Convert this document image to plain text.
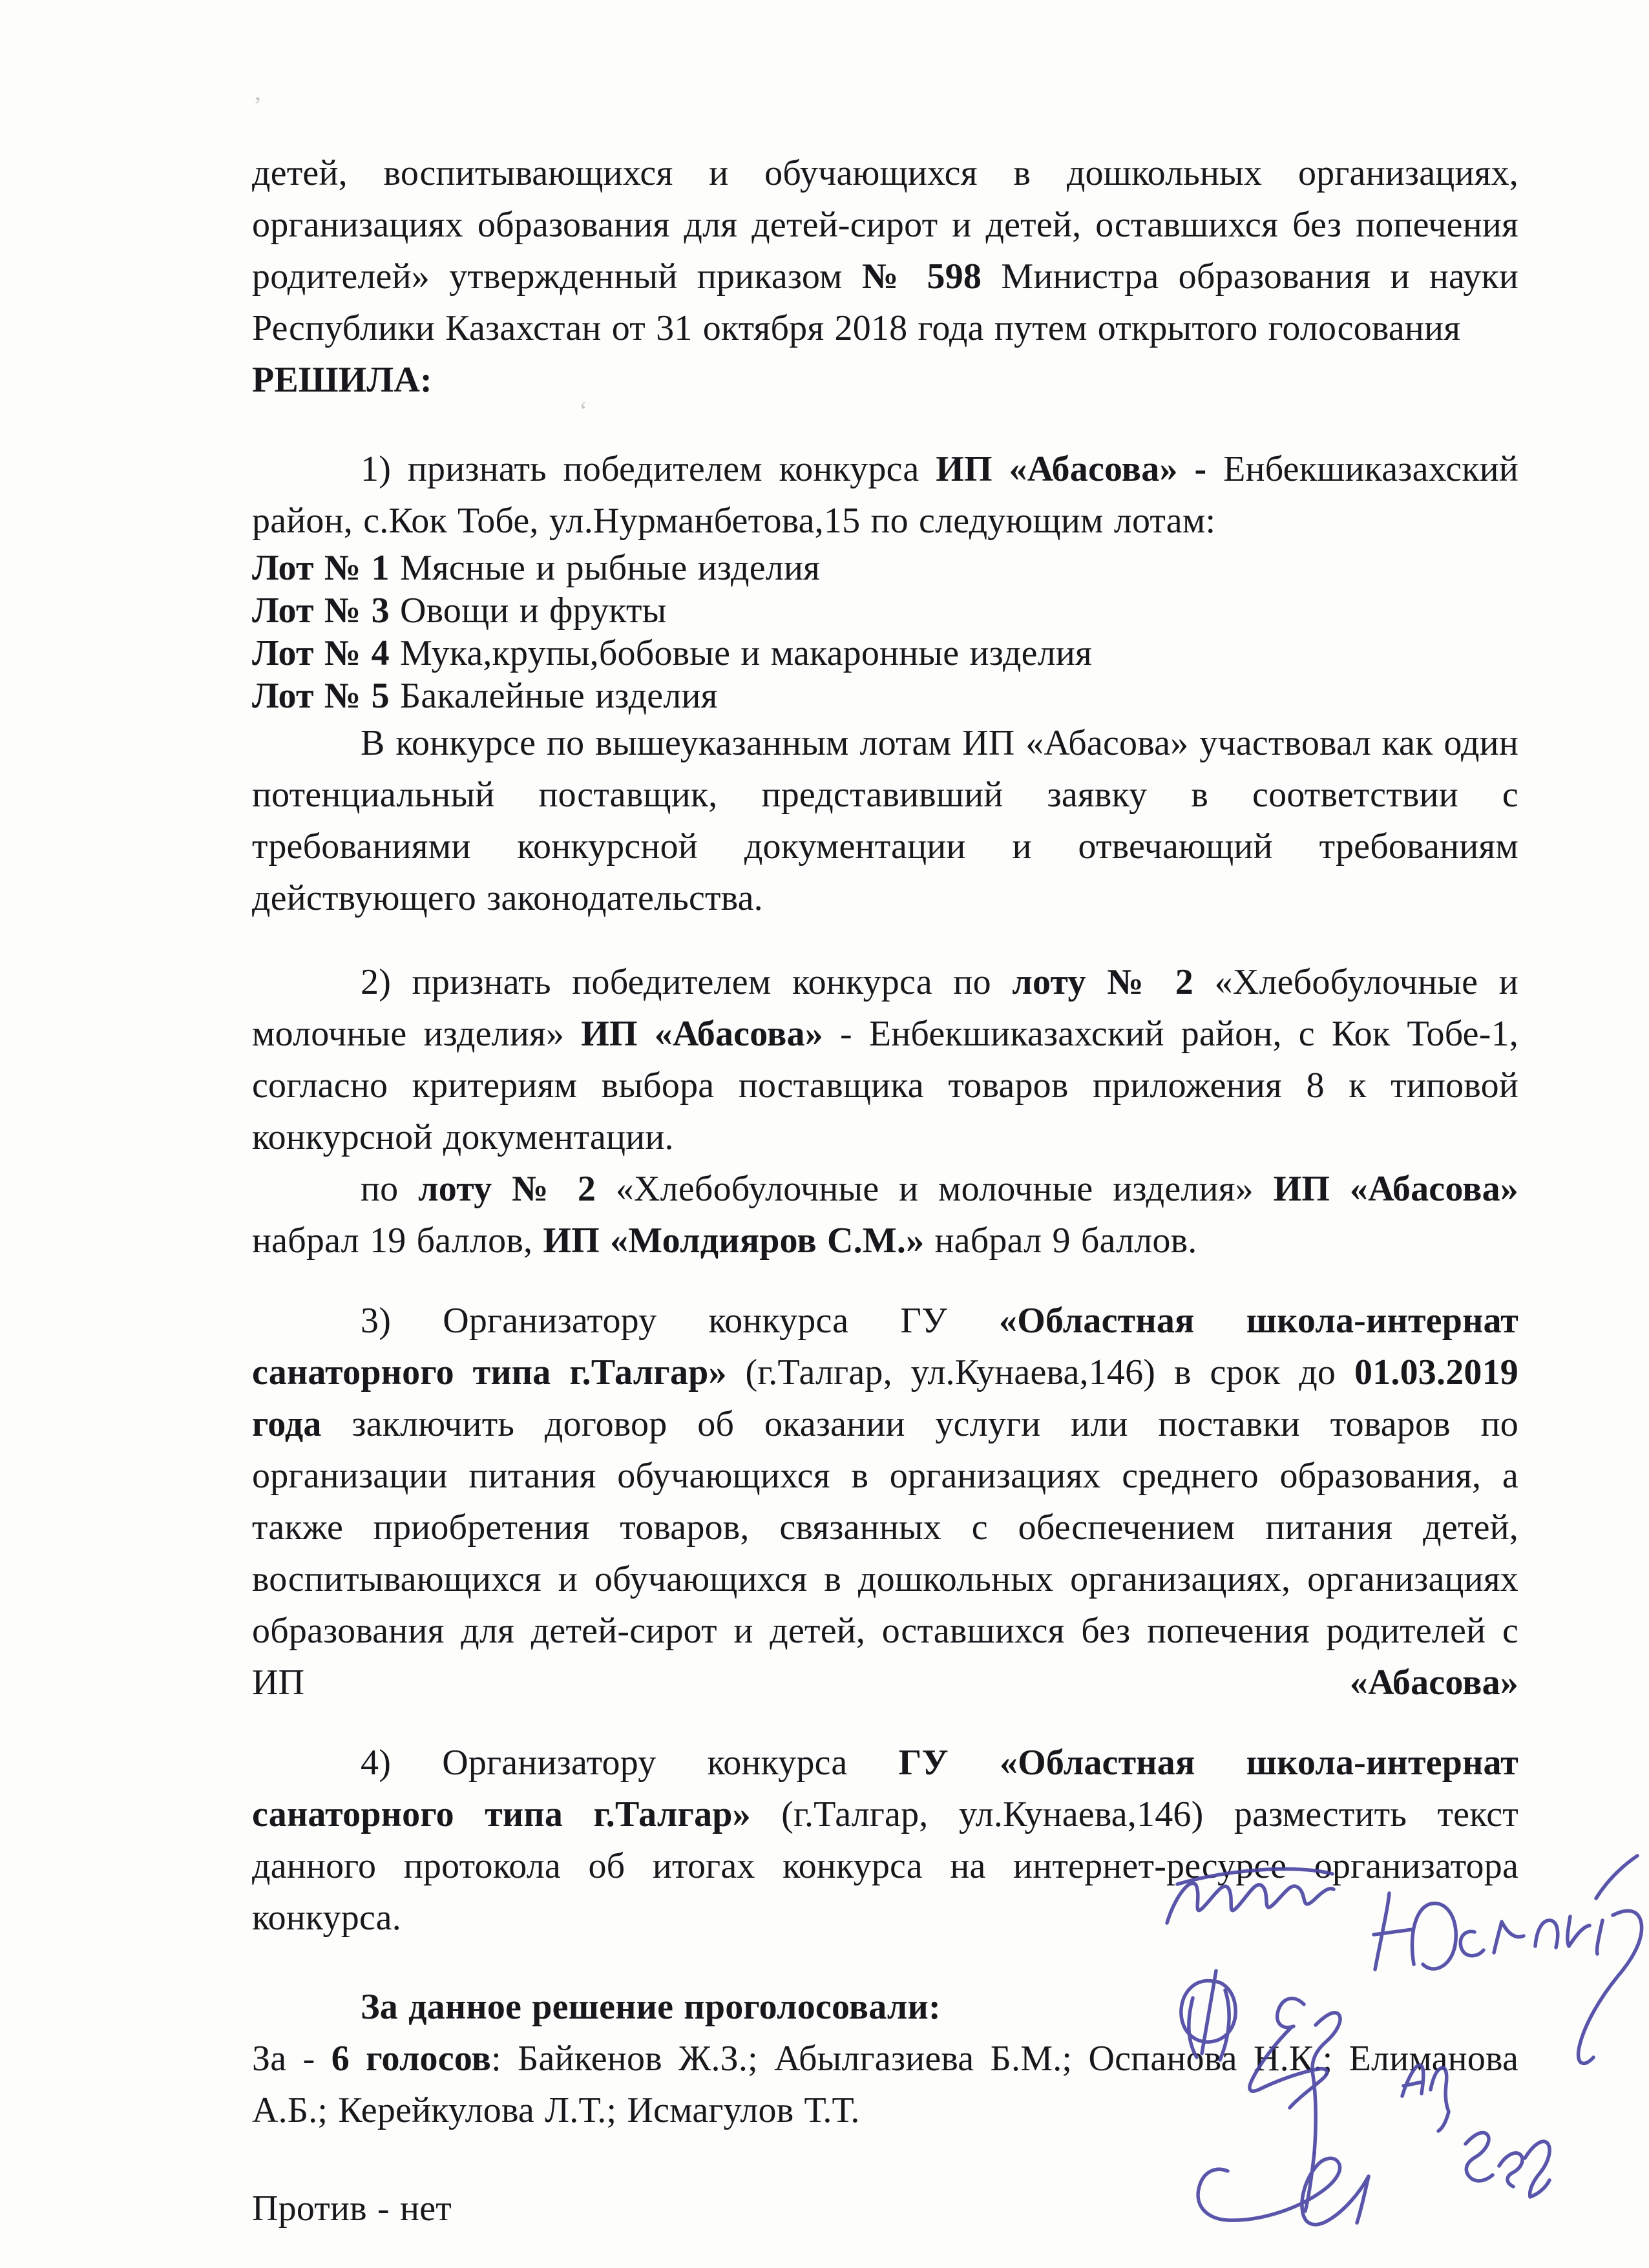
детей, воспитывающихся и обучающихся в дошкольных организациях, организациях образования для детей-сирот и детей, оставшихся без попечения родителей» утвержденный приказом № 598 Министра образования и науки Республики Казахстан от 31 октября 2018 года путем открытого голосования

РЕШИЛА:

1) признать победителем конкурса ИП «Абасова» - Енбекшиказахский район, с.Кок Тобе, ул.Нурманбетова,15 по следующим лотам:

Лот № 1 Мясные и рыбные изделия

Лот № 3 Овощи и фрукты

Лот № 4 Мука,крупы,бобовые и макаронные изделия

Лот № 5 Бакалейные изделия

В конкурсе по вышеуказанным лотам ИП «Абасова» участвовал как один потенциальный поставщик, представивший заявку в соответствии с требованиями конкурсной документации и отвечающий требованиям действующего законодательства.

2) признать победителем конкурса по лоту № 2 «Хлебобулочные и молочные изделия» ИП «Абасова» - Енбекшиказахский район, с Кок Тобе-1, согласно критериям выбора поставщика товаров приложения 8 к типовой конкурсной документации.

по лоту № 2 «Хлебобулочные и молочные изделия» ИП «Абасова» набрал 19 баллов, ИП «Молдияров С.М.» набрал 9 баллов.

3) Организатору конкурса ГУ «Областная школа-интернат санаторного типа г.Талгар» (г.Талгар, ул.Кунаева,146) в срок до 01.03.2019 года заключить договор об оказании услуги или поставки товаров по организации питания обучающихся в организациях среднего образования, а также приобретения товаров, связанных с обеспечением питания детей, воспитывающихся и обучающихся в дошкольных организациях, организациях образования для детей-сирот и детей, оставшихся без попечения родителей с ИП «Абасова»

4) Организатору конкурса ГУ «Областная школа-интернат санаторного типа г.Талгар» (г.Талгар, ул.Кунаева,146) разместить текст данного протокола об итогах конкурса на интернет-ресурсе организатора конкурса.

За данное решение проголосовали:

За - 6 голосов: Байкенов Ж.З.; Абылгазиева Б.М.; Оспанова Н.К.; Елиманова А.Б.; Керейкулова Л.Т.; Исмагулов Т.Т.

Против - нет

’
‘
